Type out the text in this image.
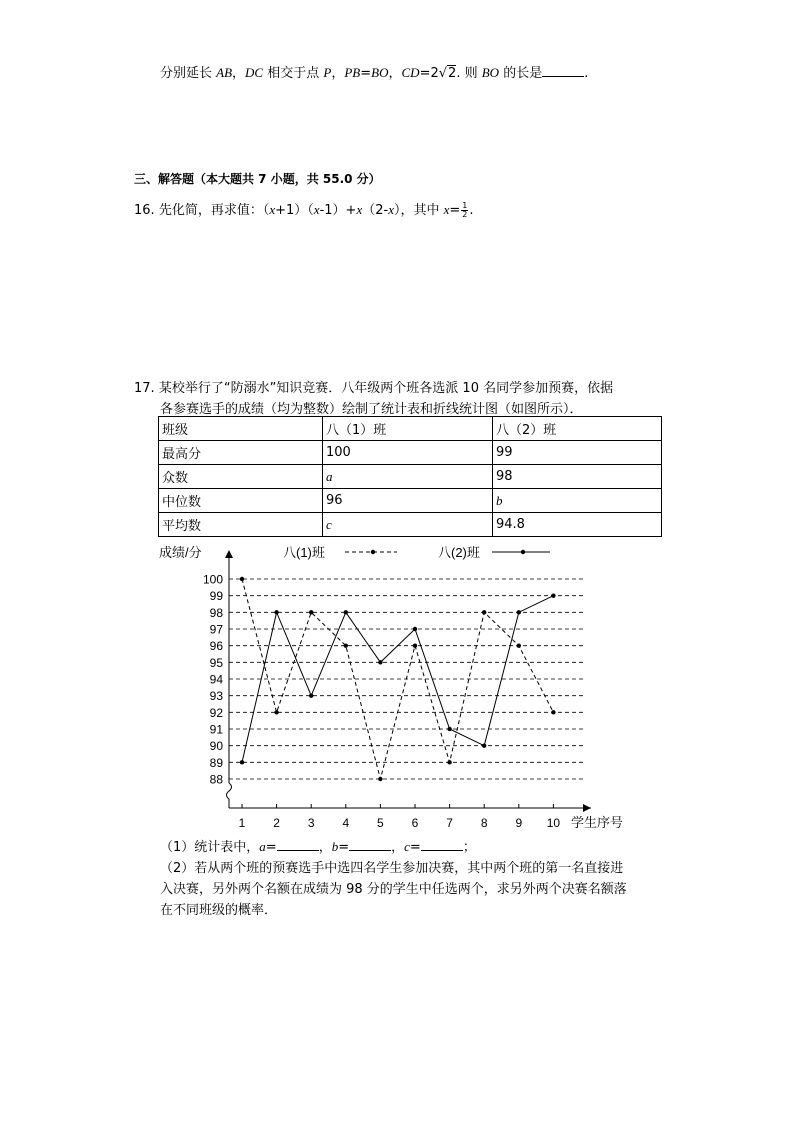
分别延长 AB，DC 相交于点 P，PB=BO，CD=2√2. 则 BO 的长是	.
三、解答题（本大题共 7 小题，共 55.0 分）
16. 先化简，再求值：（x+1）（x-1）+x（2-x），其中 $x= \frac{1}{2}$ .
17. 某校举行了“防溺水”知识竞赛．八年级两个班各选派 10 名同学参加预赛，依据
各参赛选手的成绩（均为整数）绘制了统计表和折线统计图（如图所示）．
班级	八（1）班	八（2）班
最高分	100	99
众数	a	98
中位数	96	b
平均数	c	94.8
成绩/分
学生序号
八(1)班	八(2)班
100
99
98
97
96
95
94
93
92
91
90
89
88
1 2 3 4 5 6 7 8 9 10
（1）统计表中，a=	，b=	，c=	；
（2）若从两个班的预赛选手中选四名学生参加决赛，其中两个班的第一名直接进
入决赛，另外两个名额在成绩为 98 分的学生中任选两个，求另外两个决赛名额落
在不同班级的概率．
